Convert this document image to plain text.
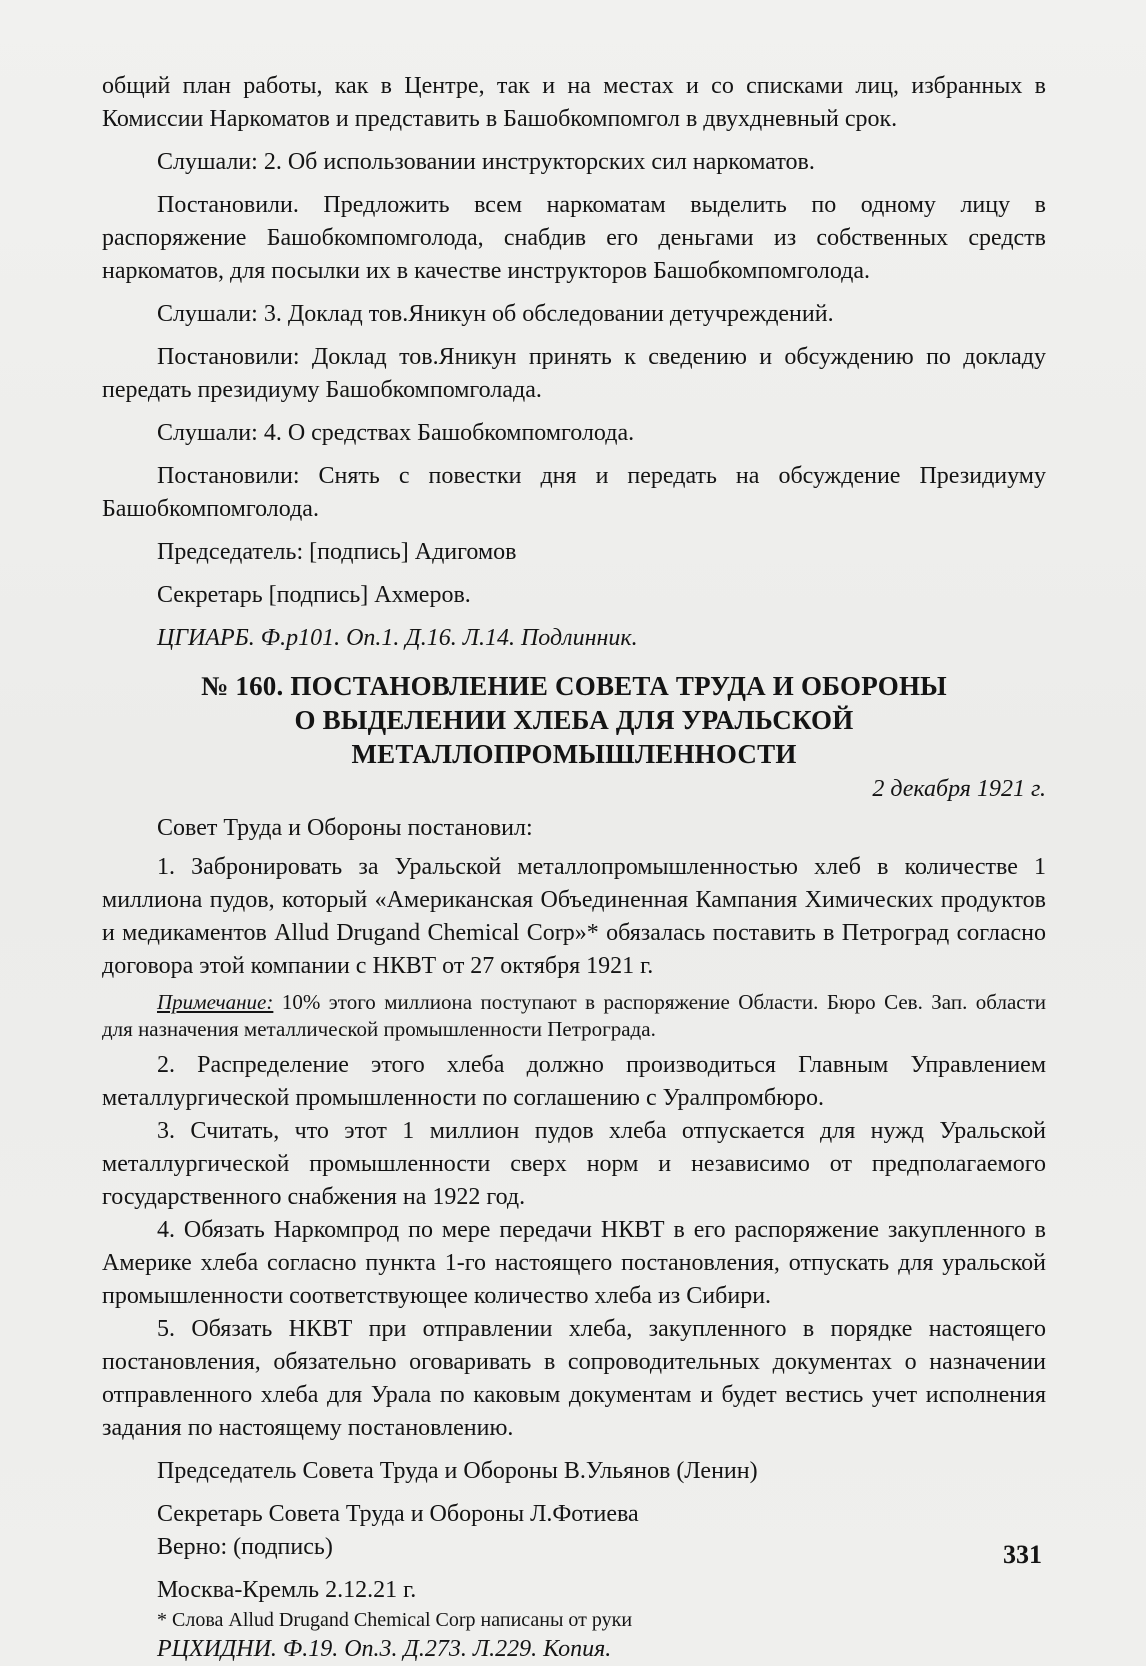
общий план работы, как в Центре, так и на местах и со списками лиц, избранных в Комиссии Наркоматов и представить в Башобкомпомгол в двухдневный срок.

Слушали: 2. Об использовании инструкторских сил наркоматов.

Постановили. Предложить всем наркоматам выделить по одному лицу в распоряжение Башобкомпомголода, снабдив его деньгами из собственных средств наркоматов, для посылки их в качестве инструкторов Башобкомпомголода.

Слушали: 3. Доклад тов.Яникун об обследовании детучреждений.

Постановили: Доклад тов.Яникун принять к сведению и обсуждению по докладу передать президиуму Башобкомпомголада.

Слушали: 4. О средствах Башобкомпомголода.

Постановили: Снять с повестки дня и передать на обсуждение Президиуму Башобкомпомголода.

Председатель: [подпись] Адигомов

Секретарь [подпись] Ахмеров.

ЦГИАРБ. Ф.р101. Оп.1. Д.16. Л.14. Подлинник.

№ 160. ПОСТАНОВЛЕНИЕ СОВЕТА ТРУДА И ОБОРОНЫ
О ВЫДЕЛЕНИИ ХЛЕБА ДЛЯ УРАЛЬСКОЙ
МЕТАЛЛОПРОМЫШЛЕННОСТИ

2 декабря 1921 г.

Совет Труда и Обороны постановил:

1. Забронировать за Уральской металлопромышленностью хлеб в количестве 1 миллиона пудов, который «Американская Объединенная Кампания Химических продуктов и медикаментов Allud Drugand Chemical Corp»* обязалась поставить в Петроград согласно договора этой компании с НКВТ от 27 октября 1921 г.

Примечание: 10% этого миллиона поступают в распоряжение Области. Бюро Сев. Зап. области для назначения металлической промышленности Петрограда.

2. Распределение этого хлеба должно производиться Главным Управлением металлургической промышленности по соглашению с Уралпромбюро.

3. Считать, что этот 1 миллион пудов хлеба отпускается для нужд Уральской металлургической промышленности сверх норм и независимо от предполагаемого государственного снабжения на 1922 год.

4. Обязать Наркомпрод по мере передачи НКВТ в его распоряжение закупленного в Америке хлеба согласно пункта 1-го настоящего постановления, отпускать для уральской промышленности соответствующее количество хлеба из Сибири.

5. Обязать НКВТ при отправлении хлеба, закупленного в порядке настоящего постановления, обязательно оговаривать в сопроводительных документах о назначении отправленного хлеба для Урала по каковым документам и будет вестись учет исполнения задания по настоящему постановлению.

Председатель Совета Труда и Обороны В.Ульянов (Ленин)

Секретарь Совета Труда и Обороны Л.Фотиева

Верно: (подпись)

Москва-Кремль 2.12.21 г.

* Слова Allud Drugand Chemical Corp написаны от руки

РЦХИДНИ. Ф.19. Оп.3. Д.273. Л.229. Копия.

331
